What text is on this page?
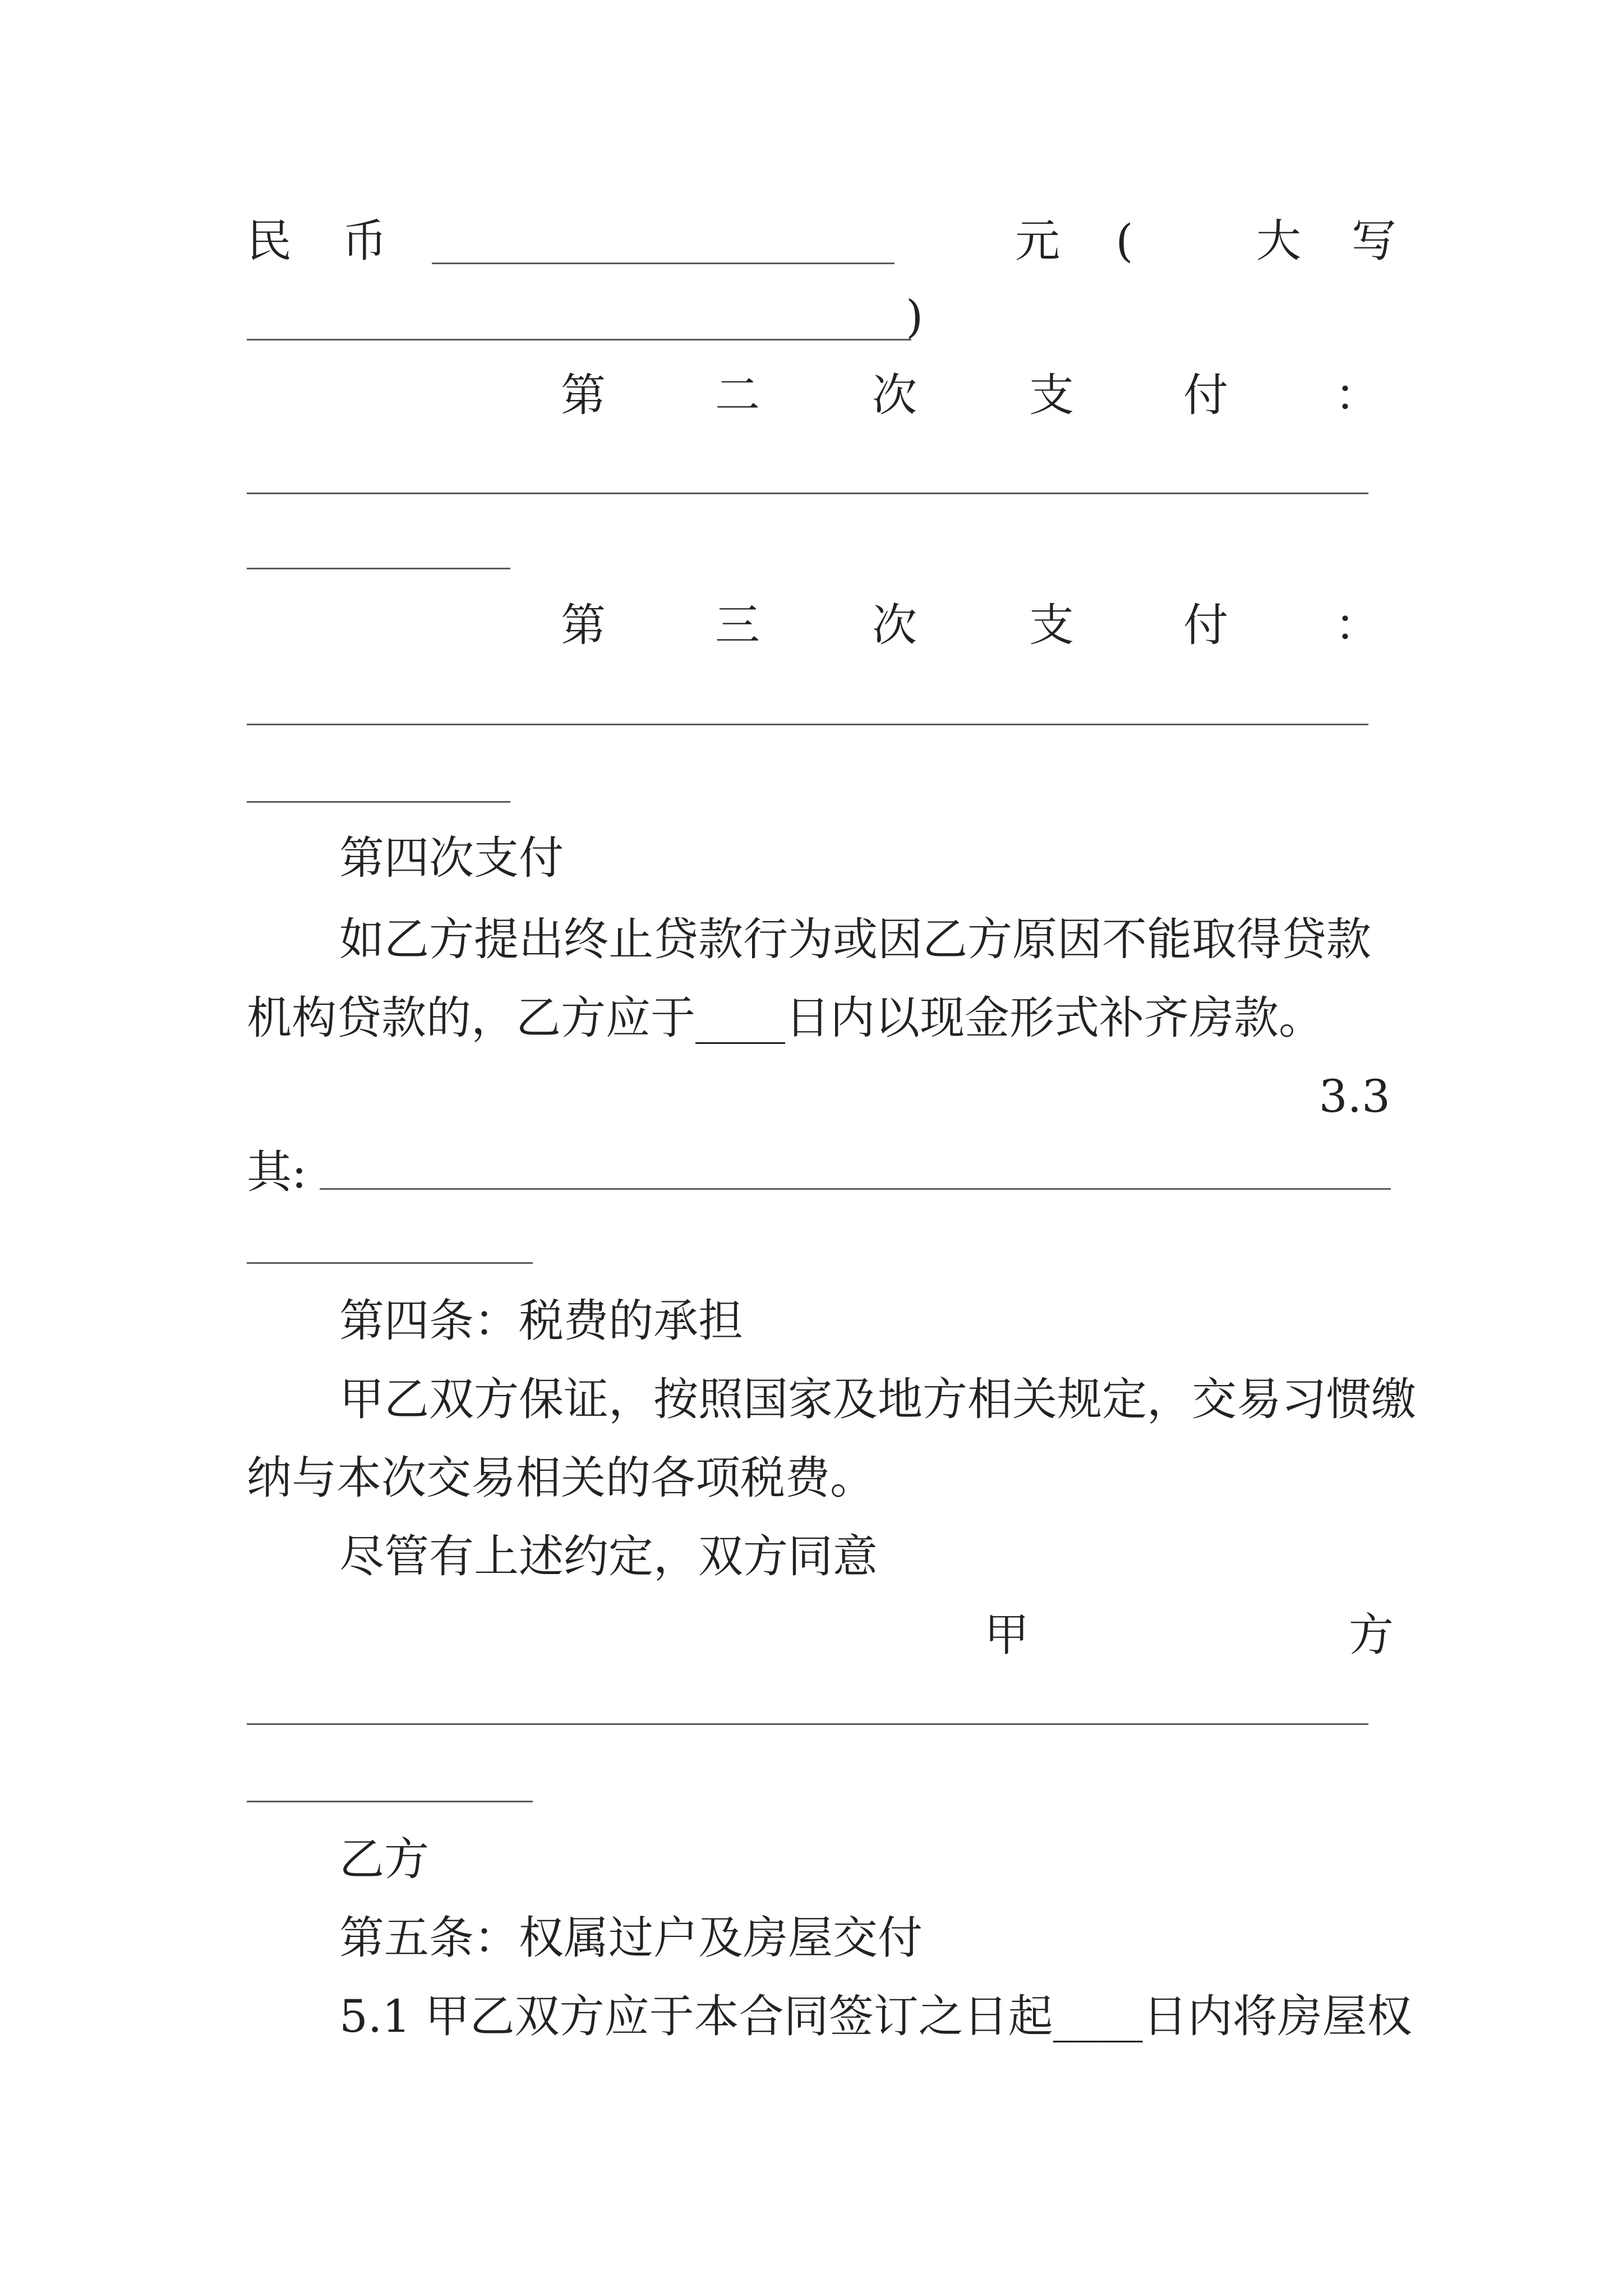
民 币	元	(	大 写
)
第 二	次	支 付 ：
第 三	次	支 付 ：
第四次支付
如乙方提出终止贷款行为或因乙方原因不能取得贷款
机构贷款的，乙方应于____日内以现金形式补齐房款。
3.3
其:
第四条：税费的承担
甲乙双方保证，按照国家及地方相关规定，交易习惯缴
纳与本次交易相关的各项税费。
尽管有上述约定，双方同意
甲	方
乙方
第五条：权属过户及房屋交付
5.1 甲乙双方应于本合同签订之日起____日内将房屋权
